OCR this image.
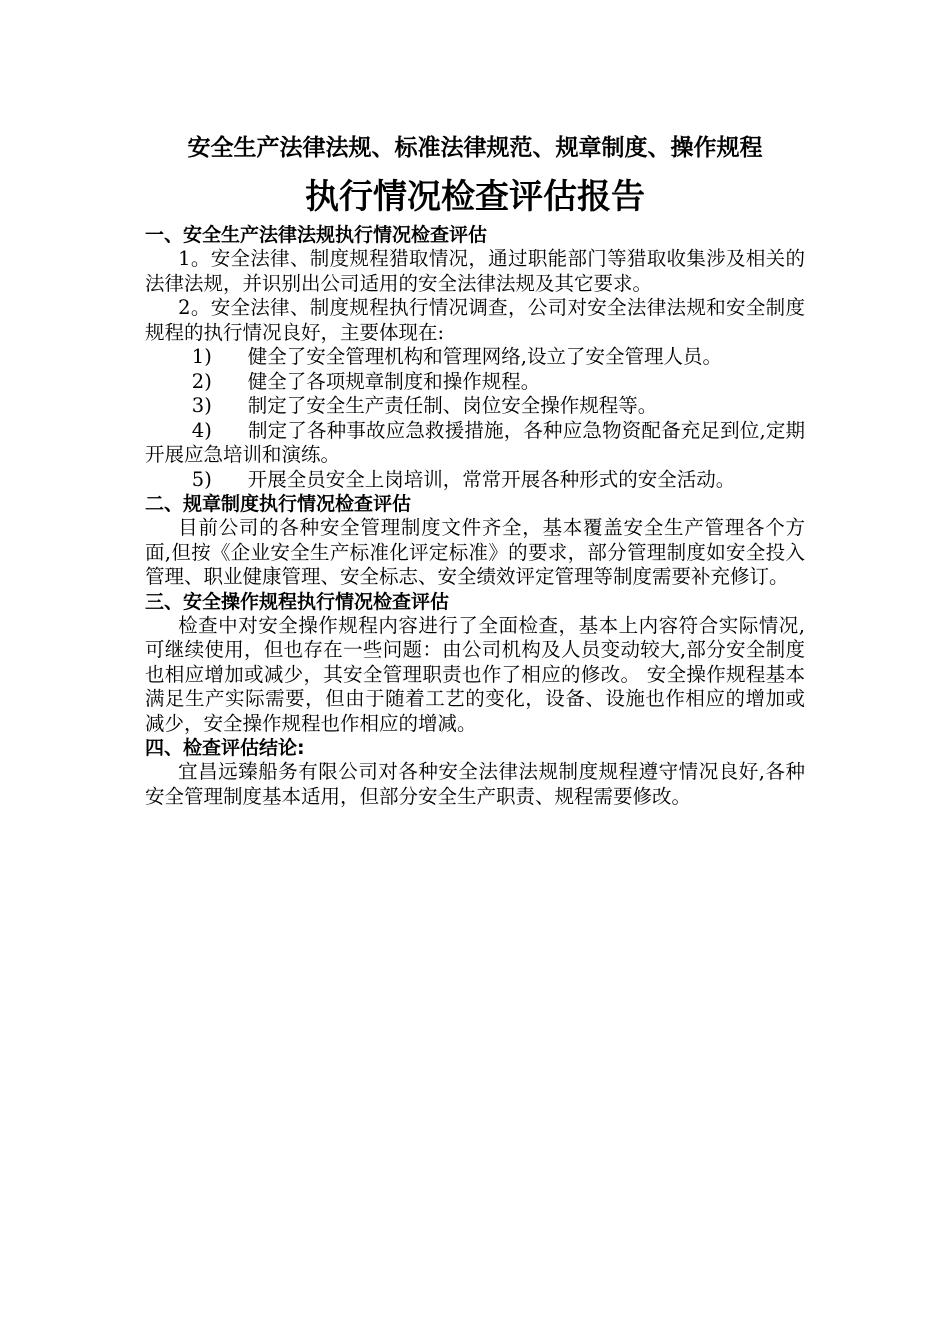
安全生产法律法规、标准法律规范、规章制度、操作规程

执行情况检查评估报告
一、安全生产法律法规执行情况检查评估

1。安全法律、制度规程猎取情况，通过职能部门等猎取收集涉及相关的法律法规，并识别出公司适用的安全法律法规及其它要求。

2。安全法律、制度规程执行情况调查，公司对安全法律法规和安全制度规程的执行情况良好，主要体现在:

1) 健全了安全管理机构和管理网络,设立了安全管理人员。

2) 健全了各项规章制度和操作规程。

3) 制定了安全生产责任制、岗位安全操作规程等。

4) 制定了各种事故应急救援措施，各种应急物资配备充足到位,定期开展应急培训和演练。

5) 开展全员安全上岗培训，常常开展各种形式的安全活动。

二、规章制度执行情况检查评估

目前公司的各种安全管理制度文件齐全，基本覆盖安全生产管理各个方面,但按《企业安全生产标准化评定标准》的要求，部分管理制度如安全投入管理、职业健康管理、安全标志、安全绩效评定管理等制度需要补充修订。

三、安全操作规程执行情况检查评估

检查中对安全操作规程内容进行了全面检查，基本上内容符合实际情况,可继续使用，但也存在一些问题：由公司机构及人员变动较大,部分安全制度也相应增加或减少，其安全管理职责也作了相应的修改。 安全操作规程基本满足生产实际需要，但由于随着工艺的变化，设备、设施也作相应的增加或减少，安全操作规程也作相应的增减。

四、检查评估结论:

宜昌远臻船务有限公司对各种安全法律法规制度规程遵守情况良好,各种安全管理制度基本适用，但部分安全生产职责、规程需要修改。
